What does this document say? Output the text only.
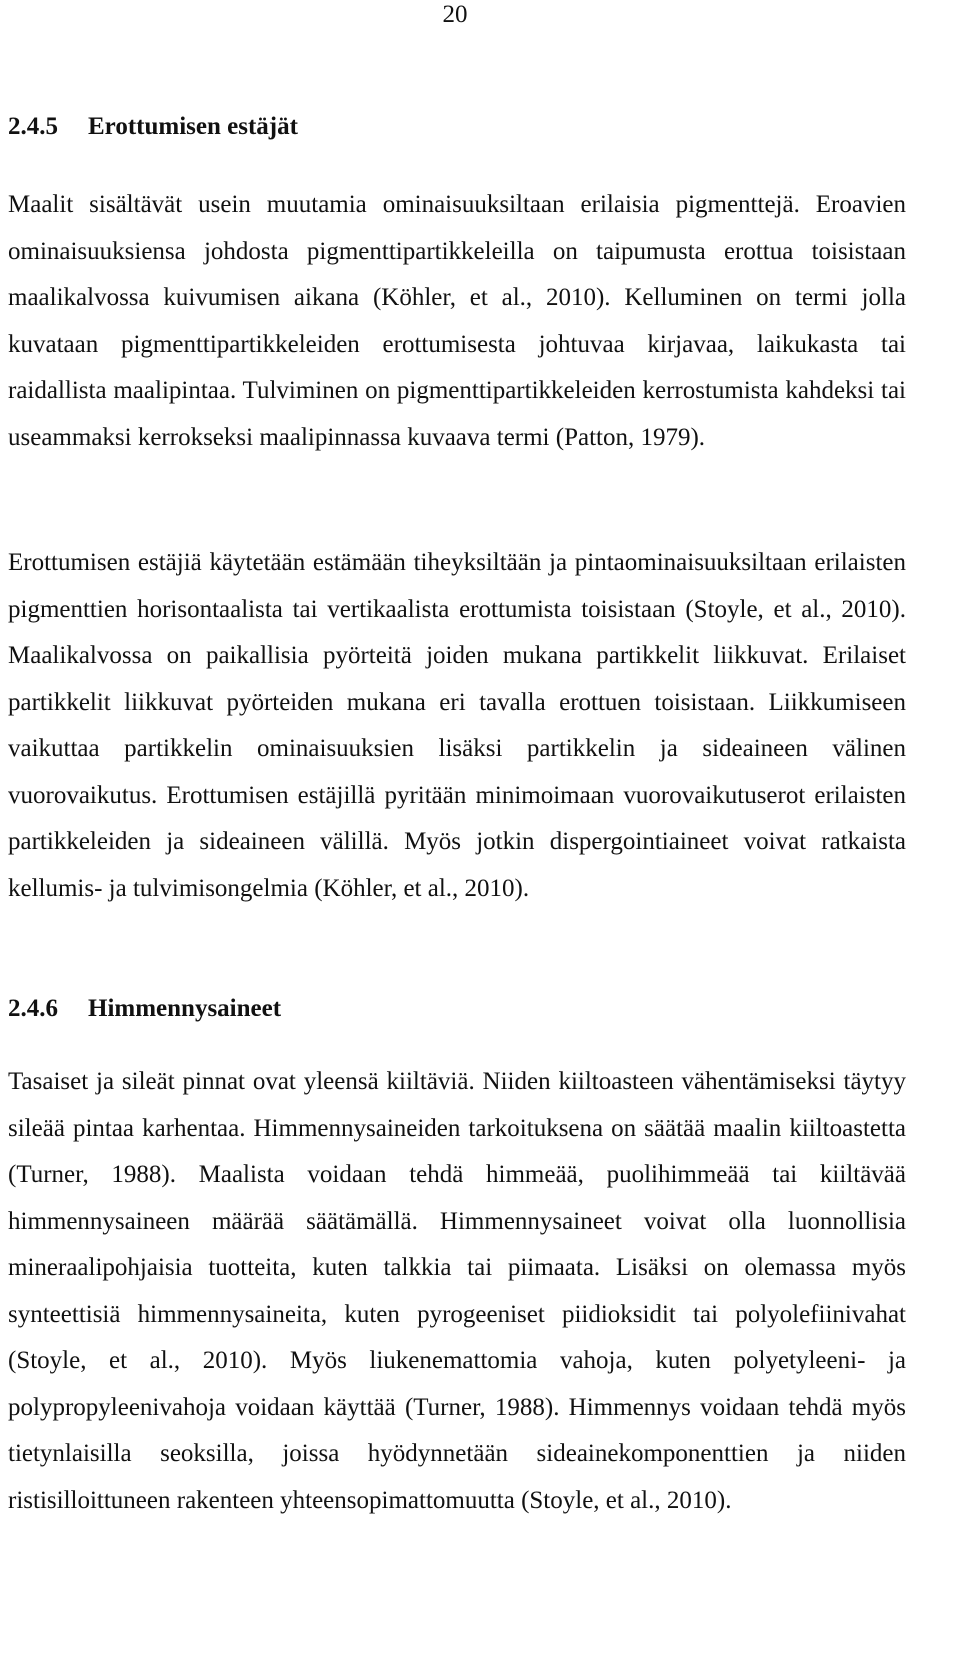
20
2.4.5 Erottumisen estäjät

Maalit sisältävät usein muutamia ominaisuuksiltaan erilaisia pigmenttejä. Eroavien ominaisuuksiensa johdosta pigmenttipartikkeleilla on taipumusta erottua toisistaan maalikalvossa kuivumisen aikana (Köhler, et al., 2010). Kelluminen on termi jolla kuvataan pigmenttipartikkeleiden erottumisesta johtuvaa kirjavaa, laikukasta tai raidallista maalipintaa. Tulviminen on pigmenttipartikkeleiden kerrostumista kahdeksi tai useammaksi kerrokseksi maalipinnassa kuvaava termi (Patton, 1979).

Erottumisen estäjiä käytetään estämään tiheyksiltään ja pintaominaisuuksiltaan erilaisten pigmenttien horisontaalista tai vertikaalista erottumista toisistaan (Stoyle, et al., 2010). Maalikalvossa on paikallisia pyörteitä joiden mukana partikkelit liikkuvat. Erilaiset partikkelit liikkuvat pyörteiden mukana eri tavalla erottuen toisistaan. Liikkumiseen vaikuttaa partikkelin ominaisuuksien lisäksi partikkelin ja sideaineen välinen vuorovaikutus. Erottumisen estäjillä pyritään minimoimaan vuorovaikutuserot erilaisten partikkeleiden ja sideaineen välillä. Myös jotkin dispergointiaineet voivat ratkaista kellumis- ja tulvimisongelmia (Köhler, et al., 2010).

2.4.6 Himmennysaineet

Tasaiset ja sileät pinnat ovat yleensä kiiltäviä. Niiden kiiltoasteen vähentämiseksi täytyy sileää pintaa karhentaa. Himmennysaineiden tarkoituksena on säätää maalin kiiltoastetta (Turner, 1988). Maalista voidaan tehdä himmeää, puolihimmeää tai kiiltävää himmennysaineen määrää säätämällä. Himmennysaineet voivat olla luonnollisia mineraalipohjaisia tuotteita, kuten talkkia tai piimaata. Lisäksi on olemassa myös synteettisiä himmennysaineita, kuten pyrogeeniset piidioksidit tai polyolefiinivahat (Stoyle, et al., 2010). Myös liukenemattomia vahoja, kuten polyetyleeni- ja polypropyleenivahoja voidaan käyttää (Turner, 1988). Himmennys voidaan tehdä myös tietynlaisilla seoksilla, joissa hyödynnetään sideainekomponenttien ja niiden ristisilloittuneen rakenteen yhteensopimattomuutta (Stoyle, et al., 2010).
